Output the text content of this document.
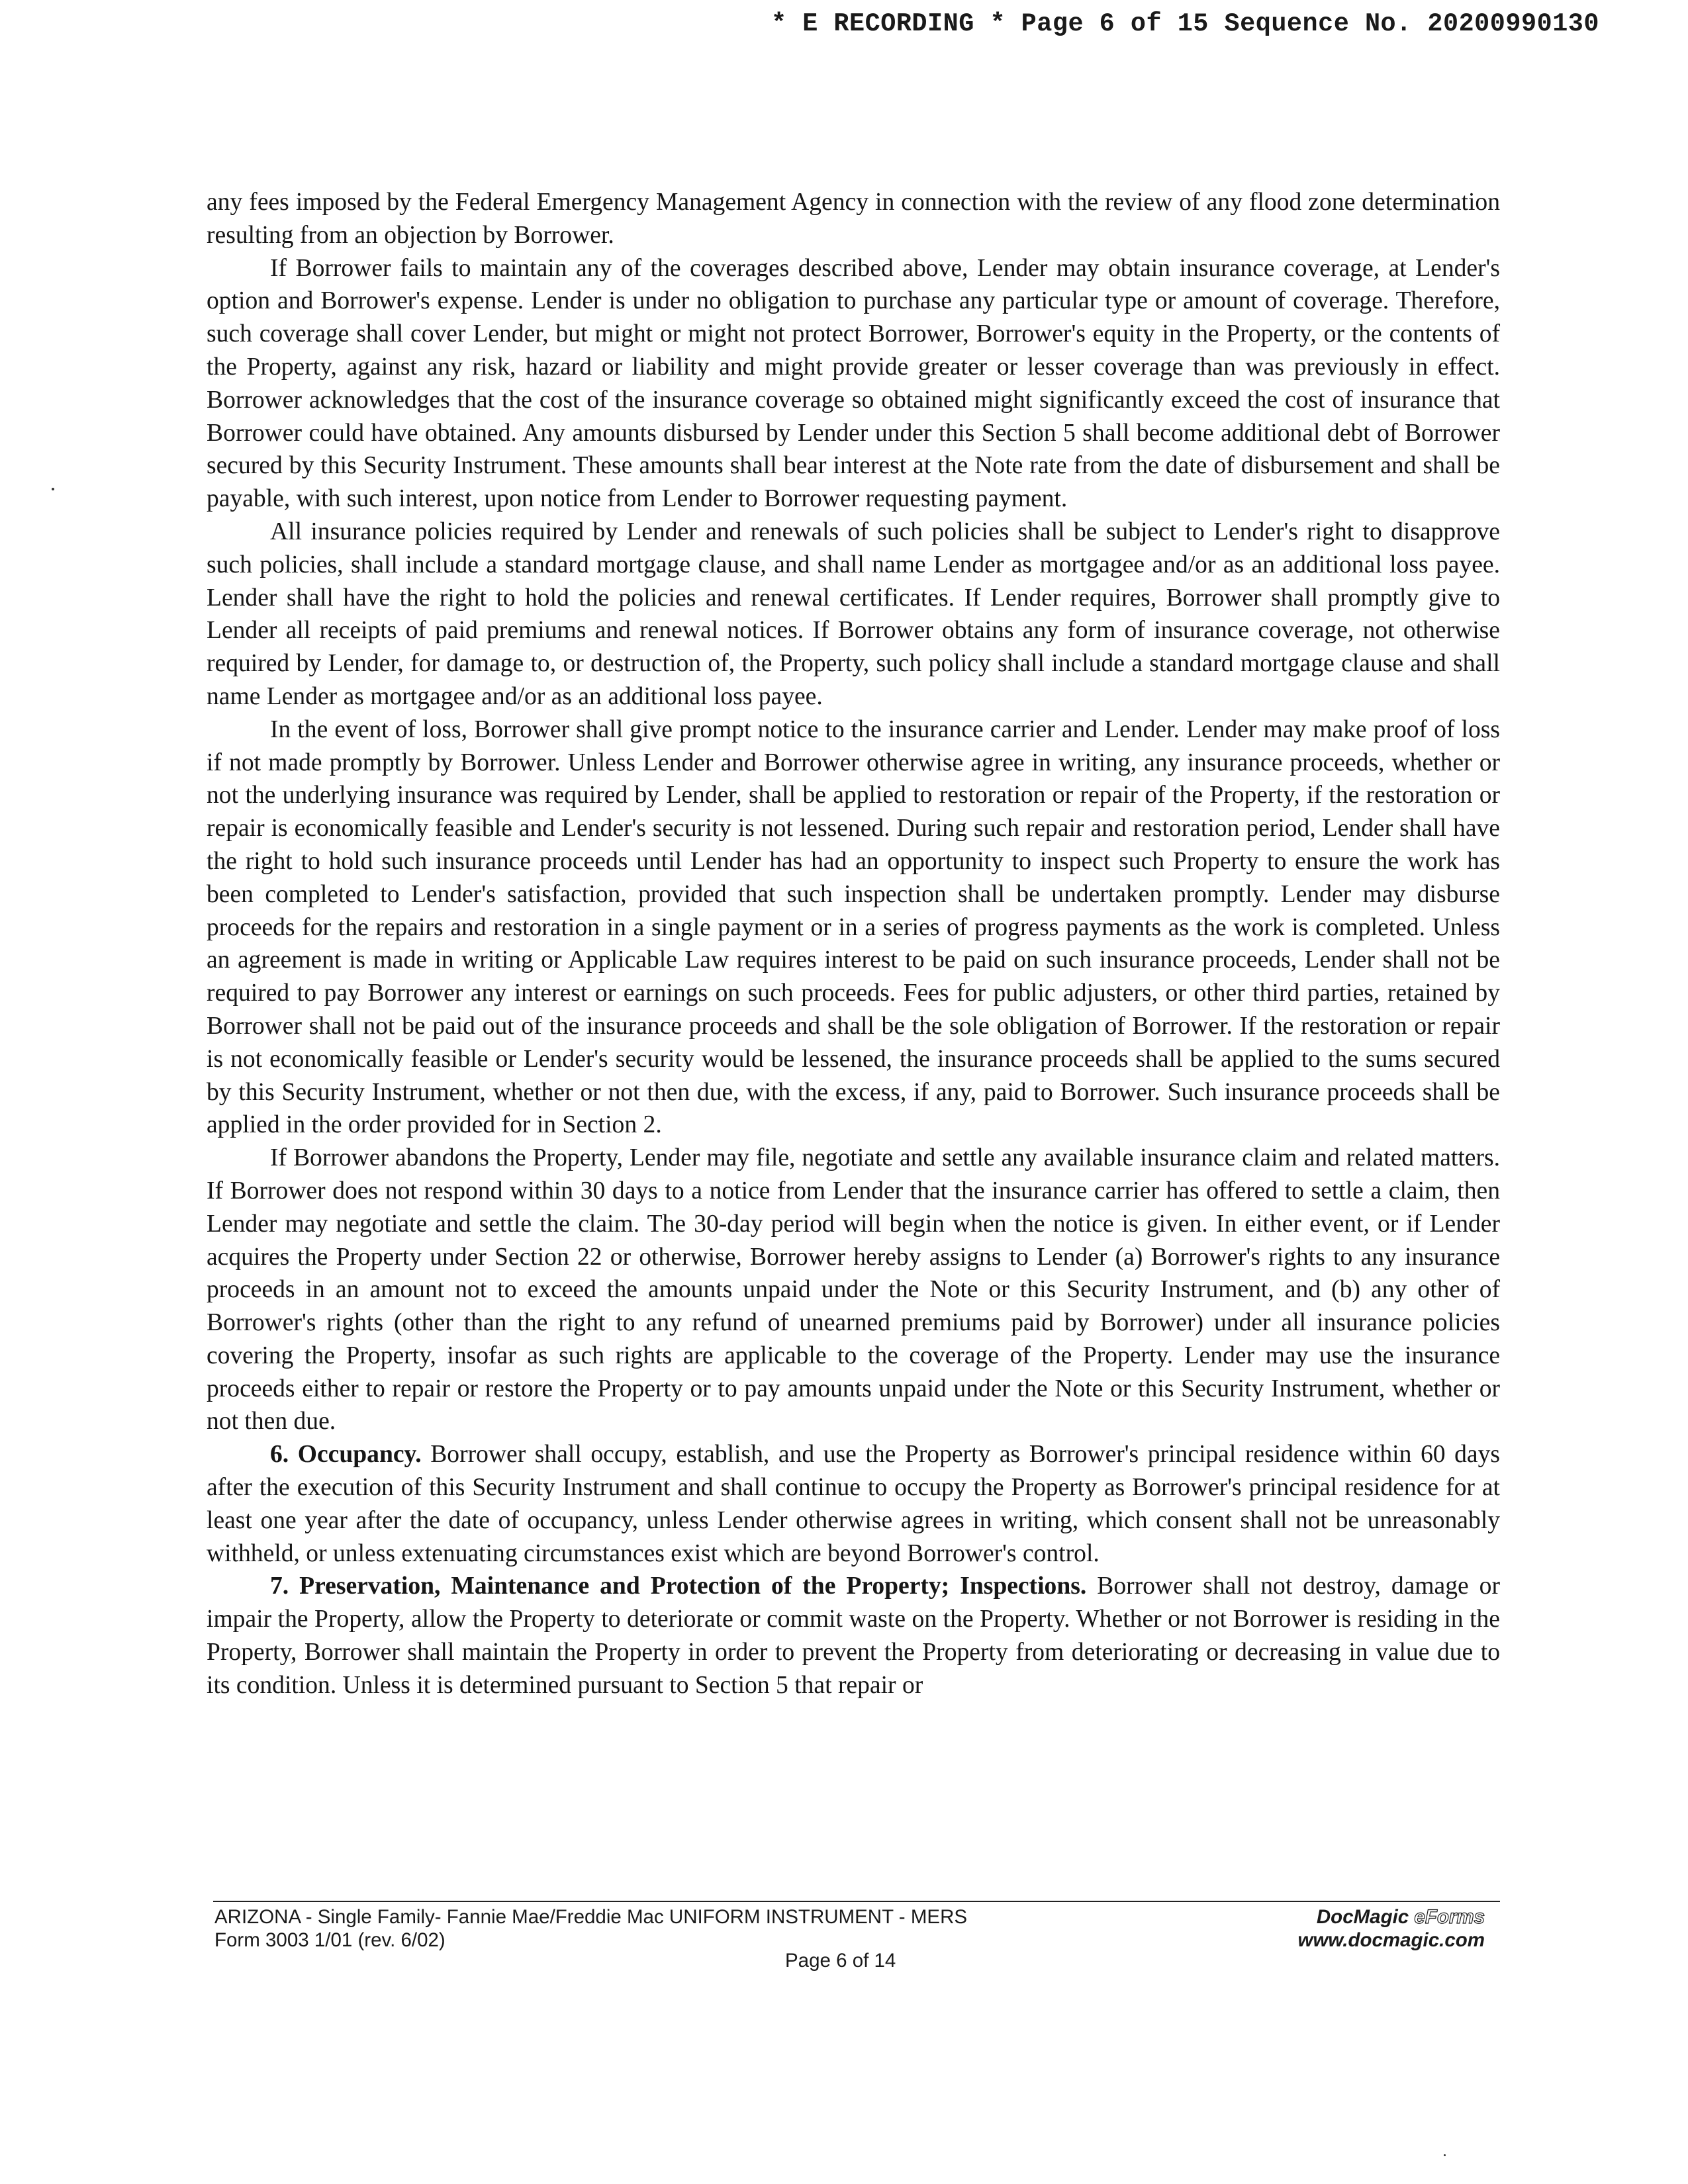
* E RECORDING * Page 6 of 15 Sequence No. 20200990130

any fees imposed by the Federal Emergency Management Agency in connection with the review of any flood zone determination resulting from an objection by Borrower.

If Borrower fails to maintain any of the coverages described above, Lender may obtain insurance coverage, at Lender's option and Borrower's expense. Lender is under no obligation to purchase any particular type or amount of coverage. Therefore, such coverage shall cover Lender, but might or might not protect Borrower, Borrower's equity in the Property, or the contents of the Property, against any risk, hazard or liability and might provide greater or lesser coverage than was previously in effect. Borrower acknowledges that the cost of the insurance coverage so obtained might significantly exceed the cost of insurance that Borrower could have obtained. Any amounts disbursed by Lender under this Section 5 shall become additional debt of Borrower secured by this Security Instrument. These amounts shall bear interest at the Note rate from the date of disbursement and shall be payable, with such interest, upon notice from Lender to Borrower requesting payment.

All insurance policies required by Lender and renewals of such policies shall be subject to Lender's right to disapprove such policies, shall include a standard mortgage clause, and shall name Lender as mortgagee and/or as an additional loss payee. Lender shall have the right to hold the policies and renewal certificates. If Lender requires, Borrower shall promptly give to Lender all receipts of paid premiums and renewal notices. If Borrower obtains any form of insurance coverage, not otherwise required by Lender, for damage to, or destruction of, the Property, such policy shall include a standard mortgage clause and shall name Lender as mortgagee and/or as an additional loss payee.

In the event of loss, Borrower shall give prompt notice to the insurance carrier and Lender. Lender may make proof of loss if not made promptly by Borrower. Unless Lender and Borrower otherwise agree in writing, any insurance proceeds, whether or not the underlying insurance was required by Lender, shall be applied to restoration or repair of the Property, if the restoration or repair is economically feasible and Lender's security is not lessened. During such repair and restoration period, Lender shall have the right to hold such insurance proceeds until Lender has had an opportunity to inspect such Property to ensure the work has been completed to Lender's satisfaction, provided that such inspection shall be undertaken promptly. Lender may disburse proceeds for the repairs and restoration in a single payment or in a series of progress payments as the work is completed. Unless an agreement is made in writing or Applicable Law requires interest to be paid on such insurance proceeds, Lender shall not be required to pay Borrower any interest or earnings on such proceeds. Fees for public adjusters, or other third parties, retained by Borrower shall not be paid out of the insurance proceeds and shall be the sole obligation of Borrower. If the restoration or repair is not economically feasible or Lender's security would be lessened, the insurance proceeds shall be applied to the sums secured by this Security Instrument, whether or not then due, with the excess, if any, paid to Borrower. Such insurance proceeds shall be applied in the order provided for in Section 2.

If Borrower abandons the Property, Lender may file, negotiate and settle any available insurance claim and related matters. If Borrower does not respond within 30 days to a notice from Lender that the insurance carrier has offered to settle a claim, then Lender may negotiate and settle the claim. The 30-day period will begin when the notice is given. In either event, or if Lender acquires the Property under Section 22 or otherwise, Borrower hereby assigns to Lender (a) Borrower's rights to any insurance proceeds in an amount not to exceed the amounts unpaid under the Note or this Security Instrument, and (b) any other of Borrower's rights (other than the right to any refund of unearned premiums paid by Borrower) under all insurance policies covering the Property, insofar as such rights are applicable to the coverage of the Property. Lender may use the insurance proceeds either to repair or restore the Property or to pay amounts unpaid under the Note or this Security Instrument, whether or not then due.

6. Occupancy. Borrower shall occupy, establish, and use the Property as Borrower's principal residence within 60 days after the execution of this Security Instrument and shall continue to occupy the Property as Borrower's principal residence for at least one year after the date of occupancy, unless Lender otherwise agrees in writing, which consent shall not be unreasonably withheld, or unless extenuating circumstances exist which are beyond Borrower's control.

7. Preservation, Maintenance and Protection of the Property; Inspections. Borrower shall not destroy, damage or impair the Property, allow the Property to deteriorate or commit waste on the Property. Whether or not Borrower is residing in the Property, Borrower shall maintain the Property in order to prevent the Property from deteriorating or decreasing in value due to its condition. Unless it is determined pursuant to Section 5 that repair or

ARIZONA - Single Family- Fannie Mae/Freddie Mac UNIFORM INSTRUMENT - MERS
Form 3003 1/01 (rev. 6/02)
Page 6 of 14
DocMagic eForms
www.docmagic.com
